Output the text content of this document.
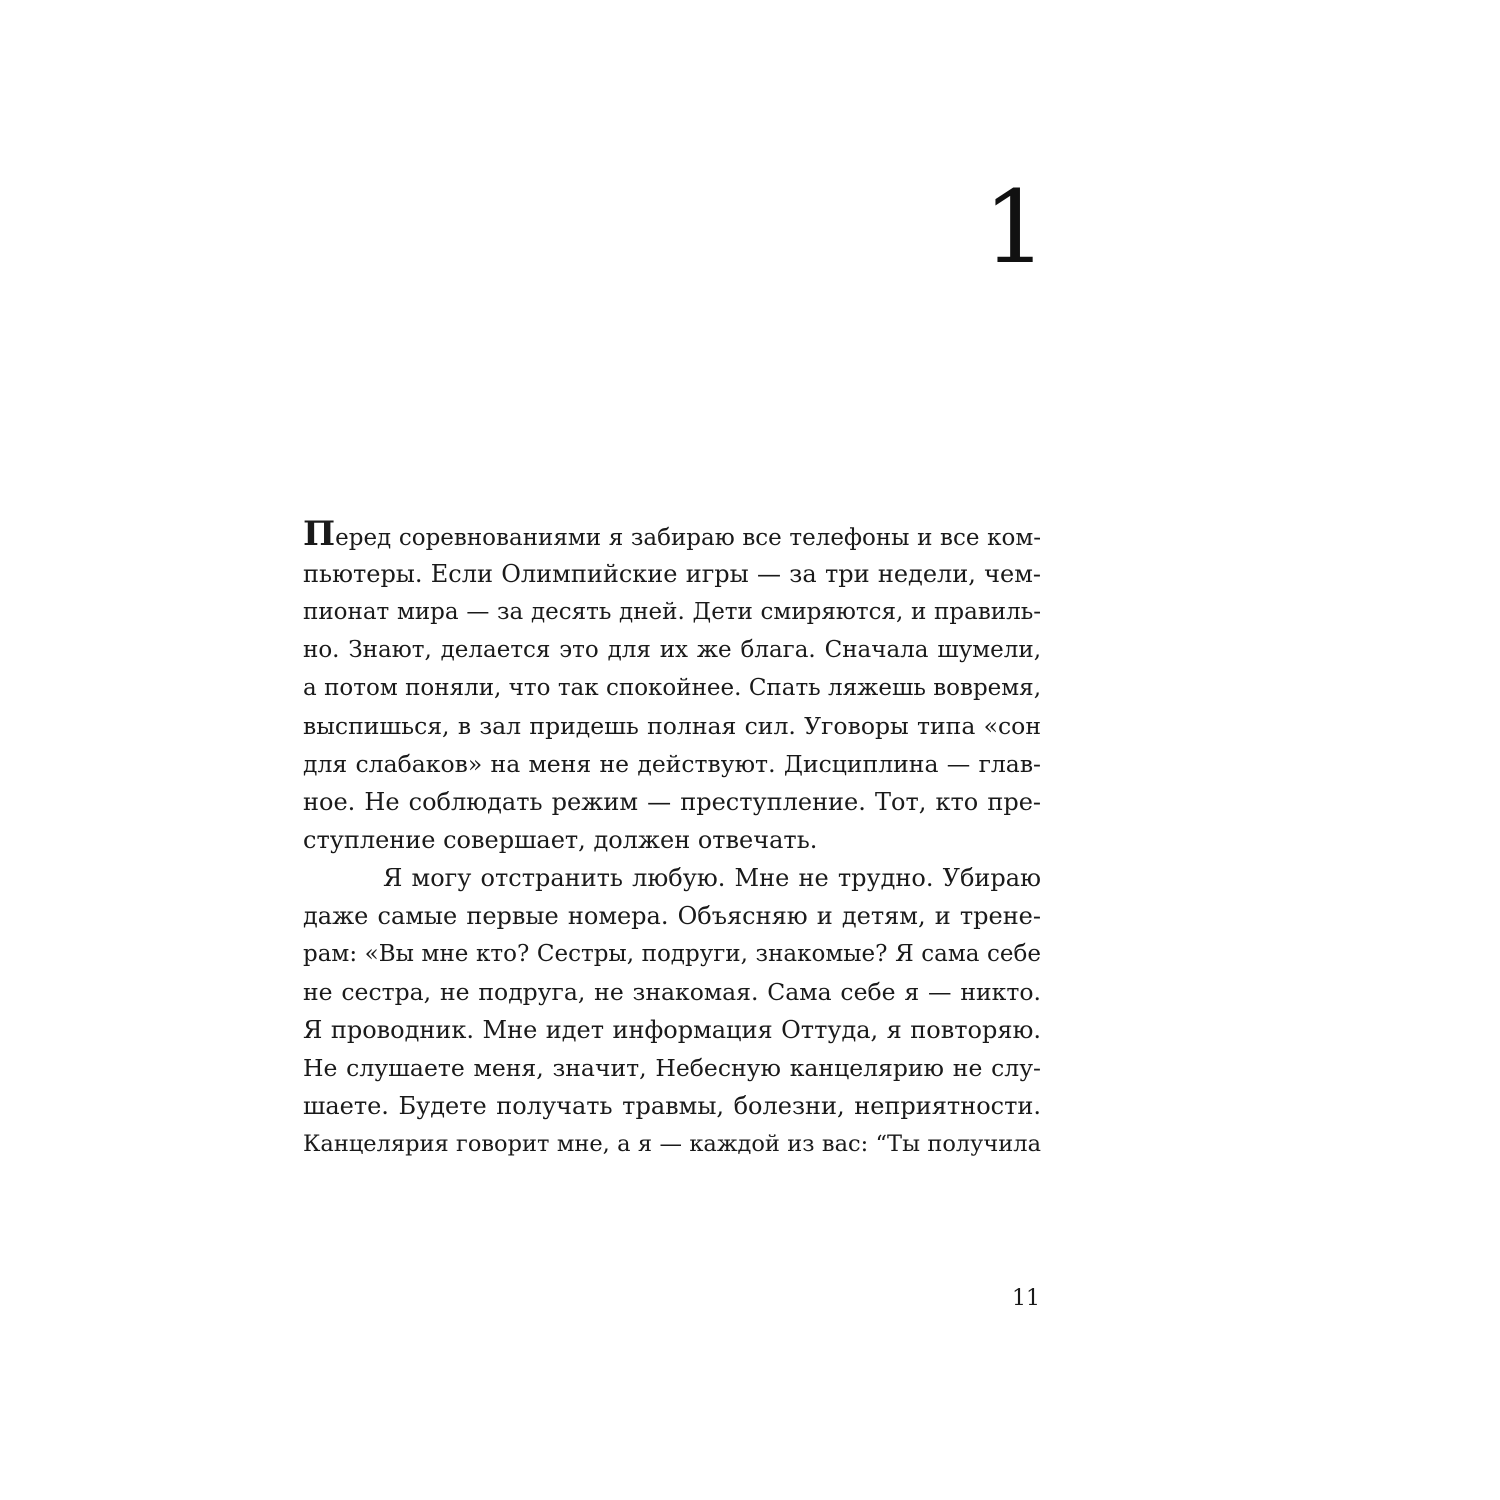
1
Перед соревнованиями я забираю все телефоны и все ком-
пьютеры. Если Олимпийские игры — за три недели, чем-
пионат мира — за десять дней. Дети смиряются, и правиль-
но. Знают, делается это для их же блага. Сначала шумели,
а потом поняли, что так спокойнее. Спать ляжешь вовремя,
выспишься, в зал придешь полная сил. Уговоры типа «сон
для слабаков» на меня не действуют. Дисциплина — глав-
ное. Не соблюдать режим — преступление. Тот, кто пре-
ступление совершает, должен отвечать.
Я могу отстранить любую. Мне не трудно. Убираю
даже самые первые номера. Объясняю и детям, и трене-
рам: «Вы мне кто? Сестры, подруги, знакомые? Я сама себе
не сестра, не подруга, не знакомая. Сама себе я — никто.
Я проводник. Мне идет информация Оттуда, я повторяю.
Не слушаете меня, значит, Небесную канцелярию не слу-
шаете. Будете получать травмы, болезни, неприятности.
Канцелярия говорит мне, а я — каждой из вас: “Ты получила
11
